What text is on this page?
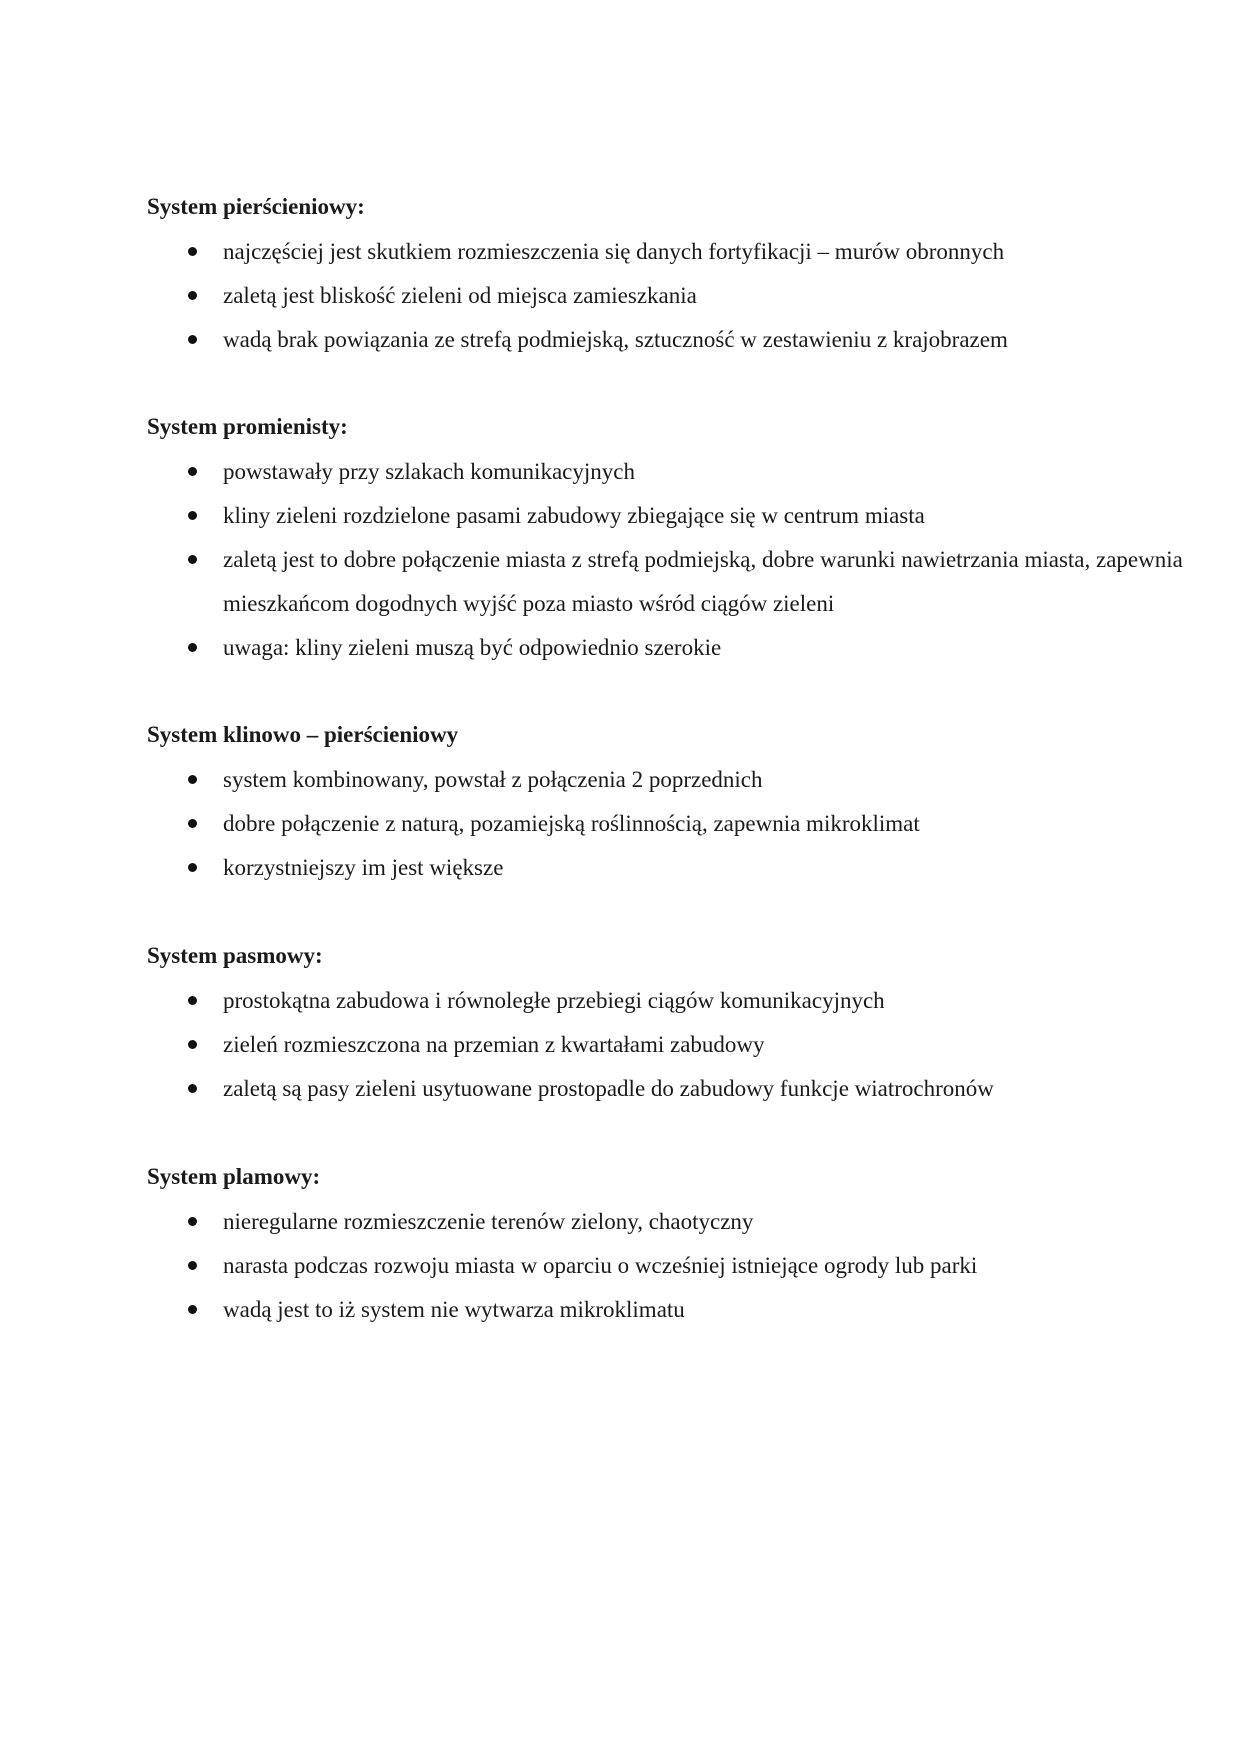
System pierścieniowy:
najczęściej jest skutkiem rozmieszczenia się danych fortyfikacji – murów obronnych
zaletą jest bliskość zieleni od miejsca zamieszkania
wadą brak powiązania ze strefą podmiejską, sztuczność w zestawieniu z krajobrazem
System promienisty:
powstawały przy szlakach komunikacyjnych
kliny zieleni rozdzielone pasami zabudowy zbiegające się w centrum miasta
zaletą jest to dobre połączenie miasta z strefą podmiejską, dobre warunki nawietrzania miasta, zapewnia mieszkańcom dogodnych wyjść poza miasto wśród ciągów zieleni
uwaga: kliny zieleni muszą być odpowiednio szerokie
System klinowo – pierścieniowy
system kombinowany, powstał z połączenia 2 poprzednich
dobre połączenie z naturą, pozamiejską roślinnością, zapewnia mikroklimat
korzystniejszy im jest większe
System pasmowy:
prostokątna zabudowa i równoległe przebiegi ciągów komunikacyjnych
zieleń rozmieszczona na przemian z kwartałami zabudowy
zaletą są pasy zieleni usytuowane prostopadle do zabudowy funkcje wiatrochronów
System plamowy:
nieregularne rozmieszczenie terenów zielony, chaotyczny
narasta podczas rozwoju miasta w oparciu o wcześniej istniejące ogrody lub parki
wadą jest to iż system nie wytwarza mikroklimatu
